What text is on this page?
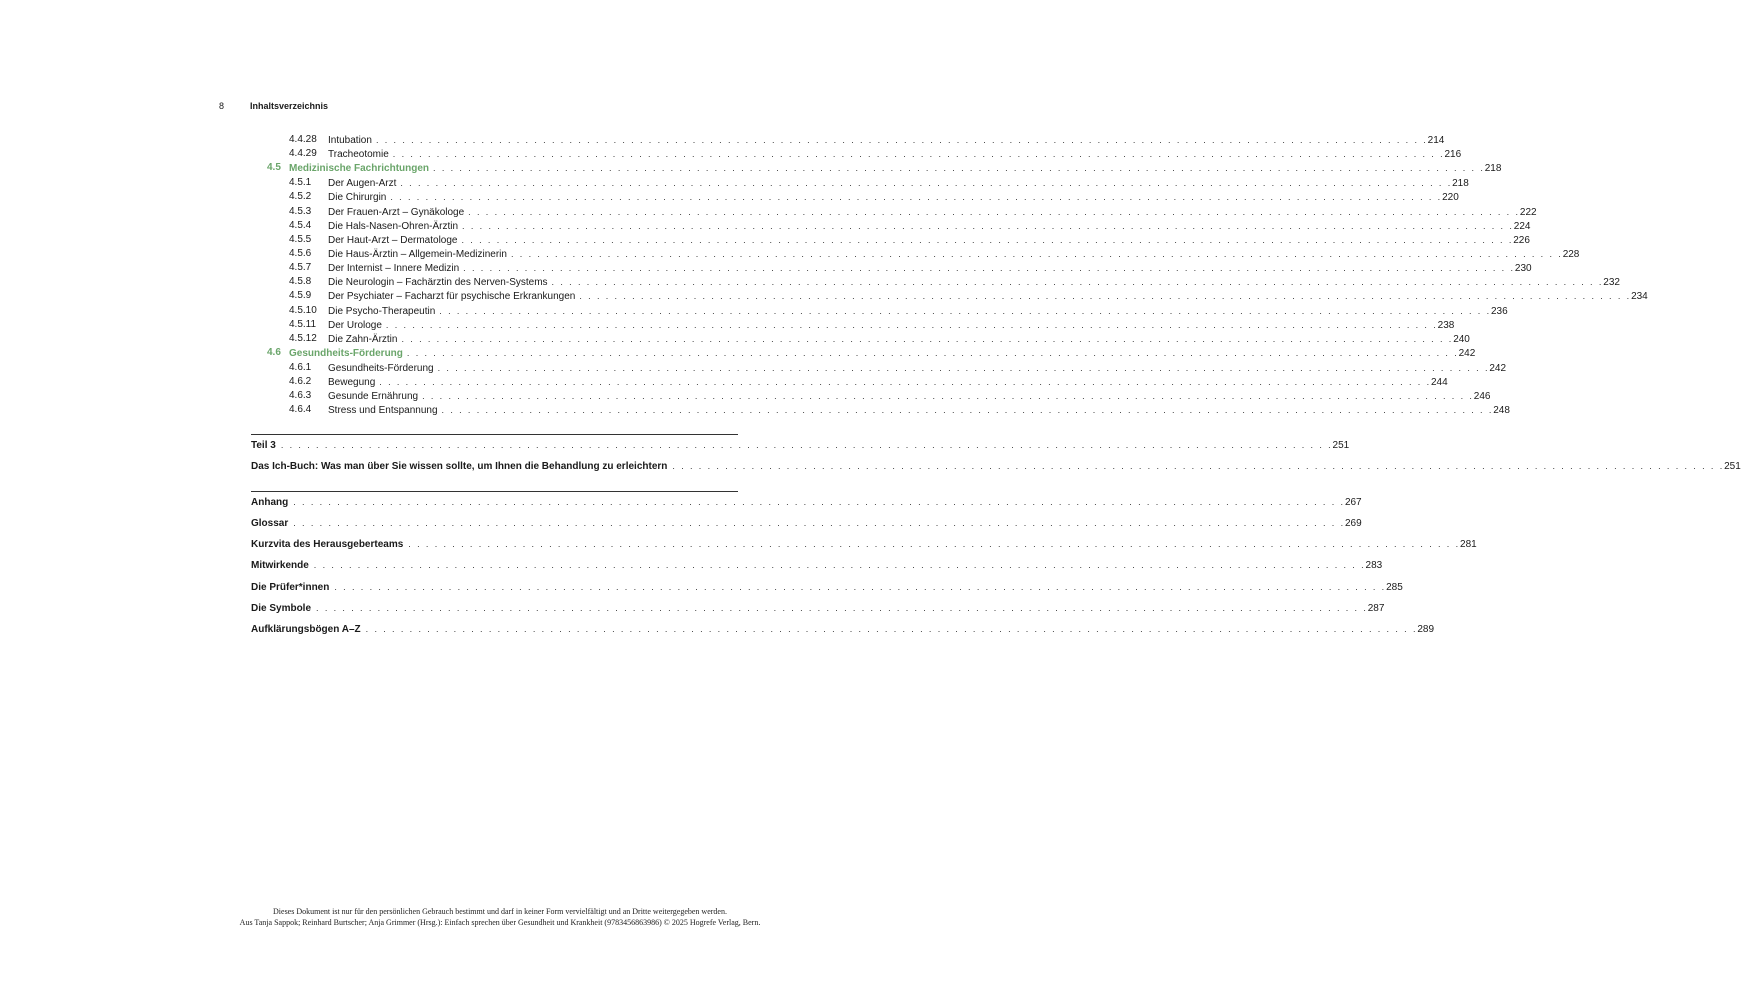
8	Inhaltsverzeichnis
4.4.28 Intubation . . . . . . . . . . . . . . . . . . . . . . . . . . . . . . . . . . . . . . . . . . . . . . . . . . . . . . . . . . . . . . . . . . . . . . . . . . . . . . . . . . . . . . . . . . . . . . . . . . . . . . . . . . . . . . . . . . . . . . . . 214
4.4.29 Tracheotomie . . . . . . . . . . . . . . . . . . . . . . . . . . . . . . . . . . . . . . . . . . . . . . . . . . . . . . . . . . . . . . . . . . . . . . . . . . . . . . . . . . . . . . . . . . . . . . . . . . . . . . . . . . . . . . . . . . . . . . . . 216
4.5 Medizinische Fachrichtungen . . . . . . . . . . . . . . . . . . . . . . . . . . . . . . . . . . . . . . . . . . . . . . . . . . . . . . . . . . . . . . . . . . . . . . . . . . . . . . . . . . . . . . . . . . . . . . . . . . . . . . . . . . . . . . . . . . . . . . . . 218
4.5.1 Der Augen-Arzt . . . . . . . . . . . . . . . . . . . . . . . . . . . . . . . . . . . . . . . . . . . . . . . . . . . . . . . . . . . . . . . . . . . . . . . . . . . . . . . . . . . . . . . . . . . . . . . . . . . . . . . . . . . . . . . . . . . . . . . . 218
4.5.2 Die Chirurgin . . . . . . . . . . . . . . . . . . . . . . . . . . . . . . . . . . . . . . . . . . . . . . . . . . . . . . . . . . . . . . . . . . . . . . . . . . . . . . . . . . . . . . . . . . . . . . . . . . . . . . . . . . . . . . . . . . . . . . . . 220
4.5.3 Der Frauen-Arzt – Gynäkologe . . . . . . . . . . . . . . . . . . . . . . . . . . . . . . . . . . . . . . . . . . . . . . . . . . . . . . . . . . . . . . . . . . . . . . . . . . . . . . . . . . . . . . . . . . . . . . . . . . . . . . . . . . . . . . . . . . . . . . . . 222
4.5.4 Die Hals-Nasen-Ohren-Ärztin . . . . . . . . . . . . . . . . . . . . . . . . . . . . . . . . . . . . . . . . . . . . . . . . . . . . . . . . . . . . . . . . . . . . . . . . . . . . . . . . . . . . . . . . . . . . . . . . . . . . . . . . . . . . . . . . . . . . . . . . 224
4.5.5 Der Haut-Arzt – Dermatologe . . . . . . . . . . . . . . . . . . . . . . . . . . . . . . . . . . . . . . . . . . . . . . . . . . . . . . . . . . . . . . . . . . . . . . . . . . . . . . . . . . . . . . . . . . . . . . . . . . . . . . . . . . . . . . . . . . . . . . . . 226
4.5.6 Die Haus-Ärztin – Allgemein-Medizinerin . . . . . . . . . . . . . . . . . . . . . . . . . . . . . . . . . . . . . . . . . . . . . . . . . . . . . . . . . . . . . . . . . . . . . . . . . . . . . . . . . . . . . . . . . . . . . . . . . . . . . . . . . . . . . . . . . . . . . . . . 228
4.5.7 Der Internist – Innere Medizin . . . . . . . . . . . . . . . . . . . . . . . . . . . . . . . . . . . . . . . . . . . . . . . . . . . . . . . . . . . . . . . . . . . . . . . . . . . . . . . . . . . . . . . . . . . . . . . . . . . . . . . . . . . . . . . . . . . . . . . . 230
4.5.8 Die Neurologin – Fachärztin des Nerven-Systems . . . . . . . . . . . . . . . . . . . . . . . . . . . . . . . . . . . . . . . . . . . . . . . . . . . . . . . . . . . . . . . . . . . . . . . . . . . . . . . . . . . . . . . . . . . . . . . . . . . . . . . . . . . . . . . . . . . . . . . . 232
4.5.9 Der Psychiater – Facharzt für psychische Erkrankungen . . . . . . . . . . . . . . . . . . . . . . . . . . . . . . . . . . . . . . . . . . . . . . . . . . . . . . . . . . . . . . . . . . . . . . . . . . . . . . . . . . . . . . . . . . . . . . . . . . . . . . . . . . . . . . . . . . . . . . . . 234
4.5.10 Die Psycho-Therapeutin . . . . . . . . . . . . . . . . . . . . . . . . . . . . . . . . . . . . . . . . . . . . . . . . . . . . . . . . . . . . . . . . . . . . . . . . . . . . . . . . . . . . . . . . . . . . . . . . . . . . . . . . . . . . . . . . . . . . . . . . 236
4.5.11 Der Urologe . . . . . . . . . . . . . . . . . . . . . . . . . . . . . . . . . . . . . . . . . . . . . . . . . . . . . . . . . . . . . . . . . . . . . . . . . . . . . . . . . . . . . . . . . . . . . . . . . . . . . . . . . . . . . . . . . . . . . . . . 238
4.5.12 Die Zahn-Ärztin . . . . . . . . . . . . . . . . . . . . . . . . . . . . . . . . . . . . . . . . . . . . . . . . . . . . . . . . . . . . . . . . . . . . . . . . . . . . . . . . . . . . . . . . . . . . . . . . . . . . . . . . . . . . . . . . . . . . . . . . 240
4.6 Gesundheits-Förderung . . . . . . . . . . . . . . . . . . . . . . . . . . . . . . . . . . . . . . . . . . . . . . . . . . . . . . . . . . . . . . . . . . . . . . . . . . . . . . . . . . . . . . . . . . . . . . . . . . . . . . . . . . . . . . . . . . . . . . . . 242
4.6.1 Gesundheits-Förderung . . . . . . . . . . . . . . . . . . . . . . . . . . . . . . . . . . . . . . . . . . . . . . . . . . . . . . . . . . . . . . . . . . . . . . . . . . . . . . . . . . . . . . . . . . . . . . . . . . . . . . . . . . . . . . . . . . . . . . . . 242
4.6.2 Bewegung . . . . . . . . . . . . . . . . . . . . . . . . . . . . . . . . . . . . . . . . . . . . . . . . . . . . . . . . . . . . . . . . . . . . . . . . . . . . . . . . . . . . . . . . . . . . . . . . . . . . . . . . . . . . . . . . . . . . . . . . 244
4.6.3 Gesunde Ernährung . . . . . . . . . . . . . . . . . . . . . . . . . . . . . . . . . . . . . . . . . . . . . . . . . . . . . . . . . . . . . . . . . . . . . . . . . . . . . . . . . . . . . . . . . . . . . . . . . . . . . . . . . . . . . . . . . . . . . . . . 246
4.6.4 Stress und Entspannung . . . . . . . . . . . . . . . . . . . . . . . . . . . . . . . . . . . . . . . . . . . . . . . . . . . . . . . . . . . . . . . . . . . . . . . . . . . . . . . . . . . . . . . . . . . . . . . . . . . . . . . . . . . . . . . . . . . . . . . . 248
Teil 3 . . . . . . . . . . . . . . . . . . . . . . . . . . . . . . . . . . . . . . . . . . . . . . . . . . . . . . . . . . . . . . . . . . . . . . . . . . . . . . . . . . . . . . . . . . . . . . . . . . . . . . . . . . . . . . . . . . . . . . . . 251
Das Ich-Buch: Was man über Sie wissen sollte, um Ihnen die Behandlung zu erleichtern . . . . . . . . . . . . . . . . . . . . . . . . . . . . . . . . . . . . . . . . . . . . . . . . . . . . . . . . . . . . . . . . . . . . . . . . . . . . . . . . . . . . . . . . . . . . . . . . . . . . . . . . . . . . . . . . . . . . . . . . 251
Anhang . . . . . . . . . . . . . . . . . . . . . . . . . . . . . . . . . . . . . . . . . . . . . . . . . . . . . . . . . . . . . . . . . . . . . . . . . . . . . . . . . . . . . . . . . . . . . . . . . . . . . . . . . . . . . . . . . . . . . . . . 267
Glossar . . . . . . . . . . . . . . . . . . . . . . . . . . . . . . . . . . . . . . . . . . . . . . . . . . . . . . . . . . . . . . . . . . . . . . . . . . . . . . . . . . . . . . . . . . . . . . . . . . . . . . . . . . . . . . . . . . . . . . . . 269
Kurzvita des Herausgeberteams . . . . . . . . . . . . . . . . . . . . . . . . . . . . . . . . . . . . . . . . . . . . . . . . . . . . . . . . . . . . . . . . . . . . . . . . . . . . . . . . . . . . . . . . . . . . . . . . . . . . . . . . . . . . . . . . . . . . . . . . 281
Mitwirkende . . . . . . . . . . . . . . . . . . . . . . . . . . . . . . . . . . . . . . . . . . . . . . . . . . . . . . . . . . . . . . . . . . . . . . . . . . . . . . . . . . . . . . . . . . . . . . . . . . . . . . . . . . . . . . . . . . . . . . . . 283
Die Prüfer*innen . . . . . . . . . . . . . . . . . . . . . . . . . . . . . . . . . . . . . . . . . . . . . . . . . . . . . . . . . . . . . . . . . . . . . . . . . . . . . . . . . . . . . . . . . . . . . . . . . . . . . . . . . . . . . . . . . . . . . . . . 285
Die Symbole . . . . . . . . . . . . . . . . . . . . . . . . . . . . . . . . . . . . . . . . . . . . . . . . . . . . . . . . . . . . . . . . . . . . . . . . . . . . . . . . . . . . . . . . . . . . . . . . . . . . . . . . . . . . . . . . . . . . . . . . 287
Aufklärungsbögen A–Z . . . . . . . . . . . . . . . . . . . . . . . . . . . . . . . . . . . . . . . . . . . . . . . . . . . . . . . . . . . . . . . . . . . . . . . . . . . . . . . . . . . . . . . . . . . . . . . . . . . . . . . . . . . . . . . . . . . . . . . . 289
Dieses Dokument ist nur für den persönlichen Gebrauch bestimmt und darf in keiner Form vervielfältigt und an Dritte weitergegeben werden.
Aus Tanja Sappok; Reinhard Burtscher; Anja Grimmer (Hrsg.): Einfach sprechen über Gesundheit und Krankheit (9783456863986) © 2025 Hogrefe Verlag, Bern.
